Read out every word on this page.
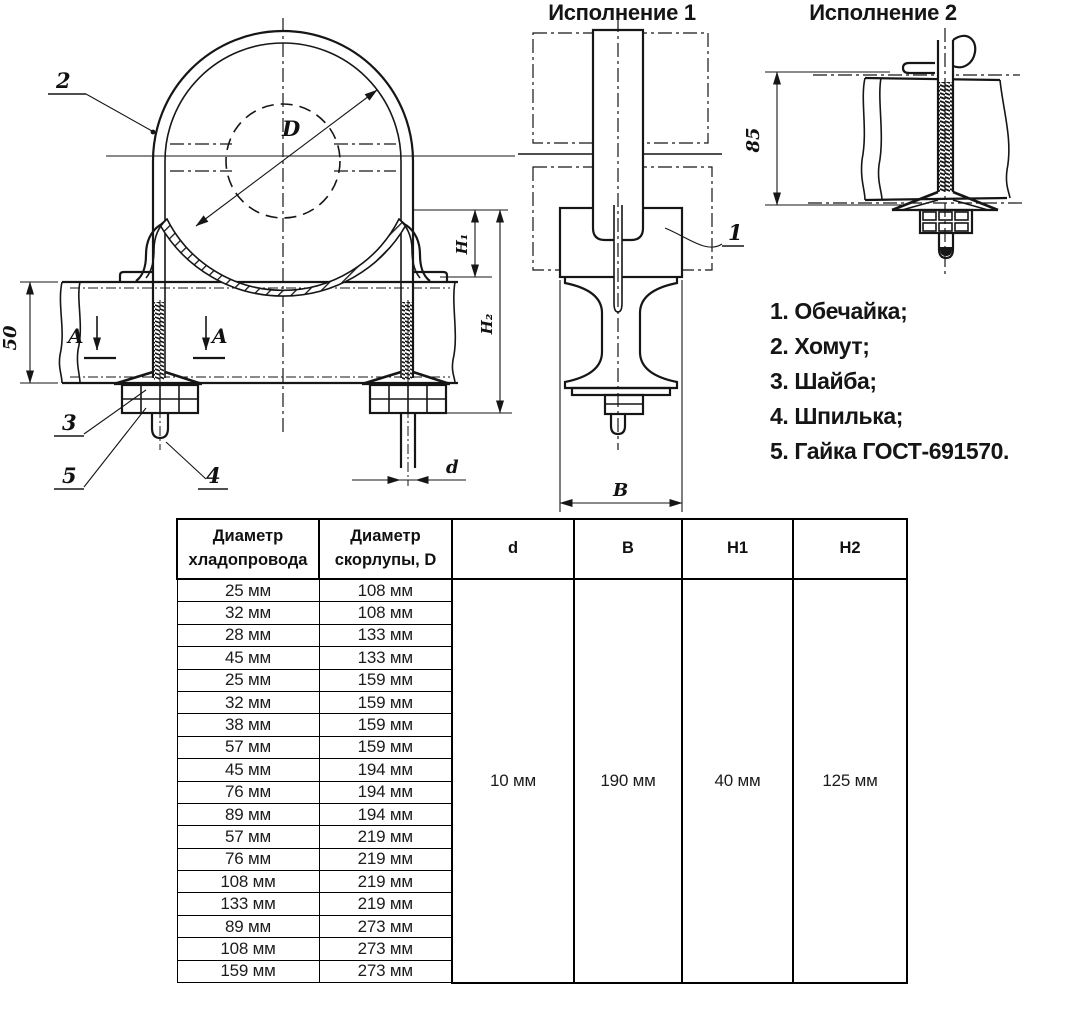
D
50 A	A
H₁
H₂
d
2
3
5	4
B
1
85
Исполнение 1	Исполнение 2
1. Обечайка;
2. Хомут;
3. Шайба;
4. Шпилька;
5. Гайка ГОСТ-691570.
Диаметр
хладопровода	Диаметр
скорлупы, D	d	B	H1	H2
25 мм	108 мм	10 мм	190 мм	40 мм	125 мм
32 мм	108 мм				
28 мм	133 мм				
45 мм	133 мм				
25 мм	159 мм				
32 мм	159 мм				
38 мм	159 мм				
57 мм	159 мм				
45 мм	194 мм				
76 мм	194 мм				
89 мм	194 мм				
57 мм	219 мм				
76 мм	219 мм				
108 мм	219 мм				
133 мм	219 мм				
89 мм	273 мм				
108 мм	273 мм				
159 мм	273 мм				
